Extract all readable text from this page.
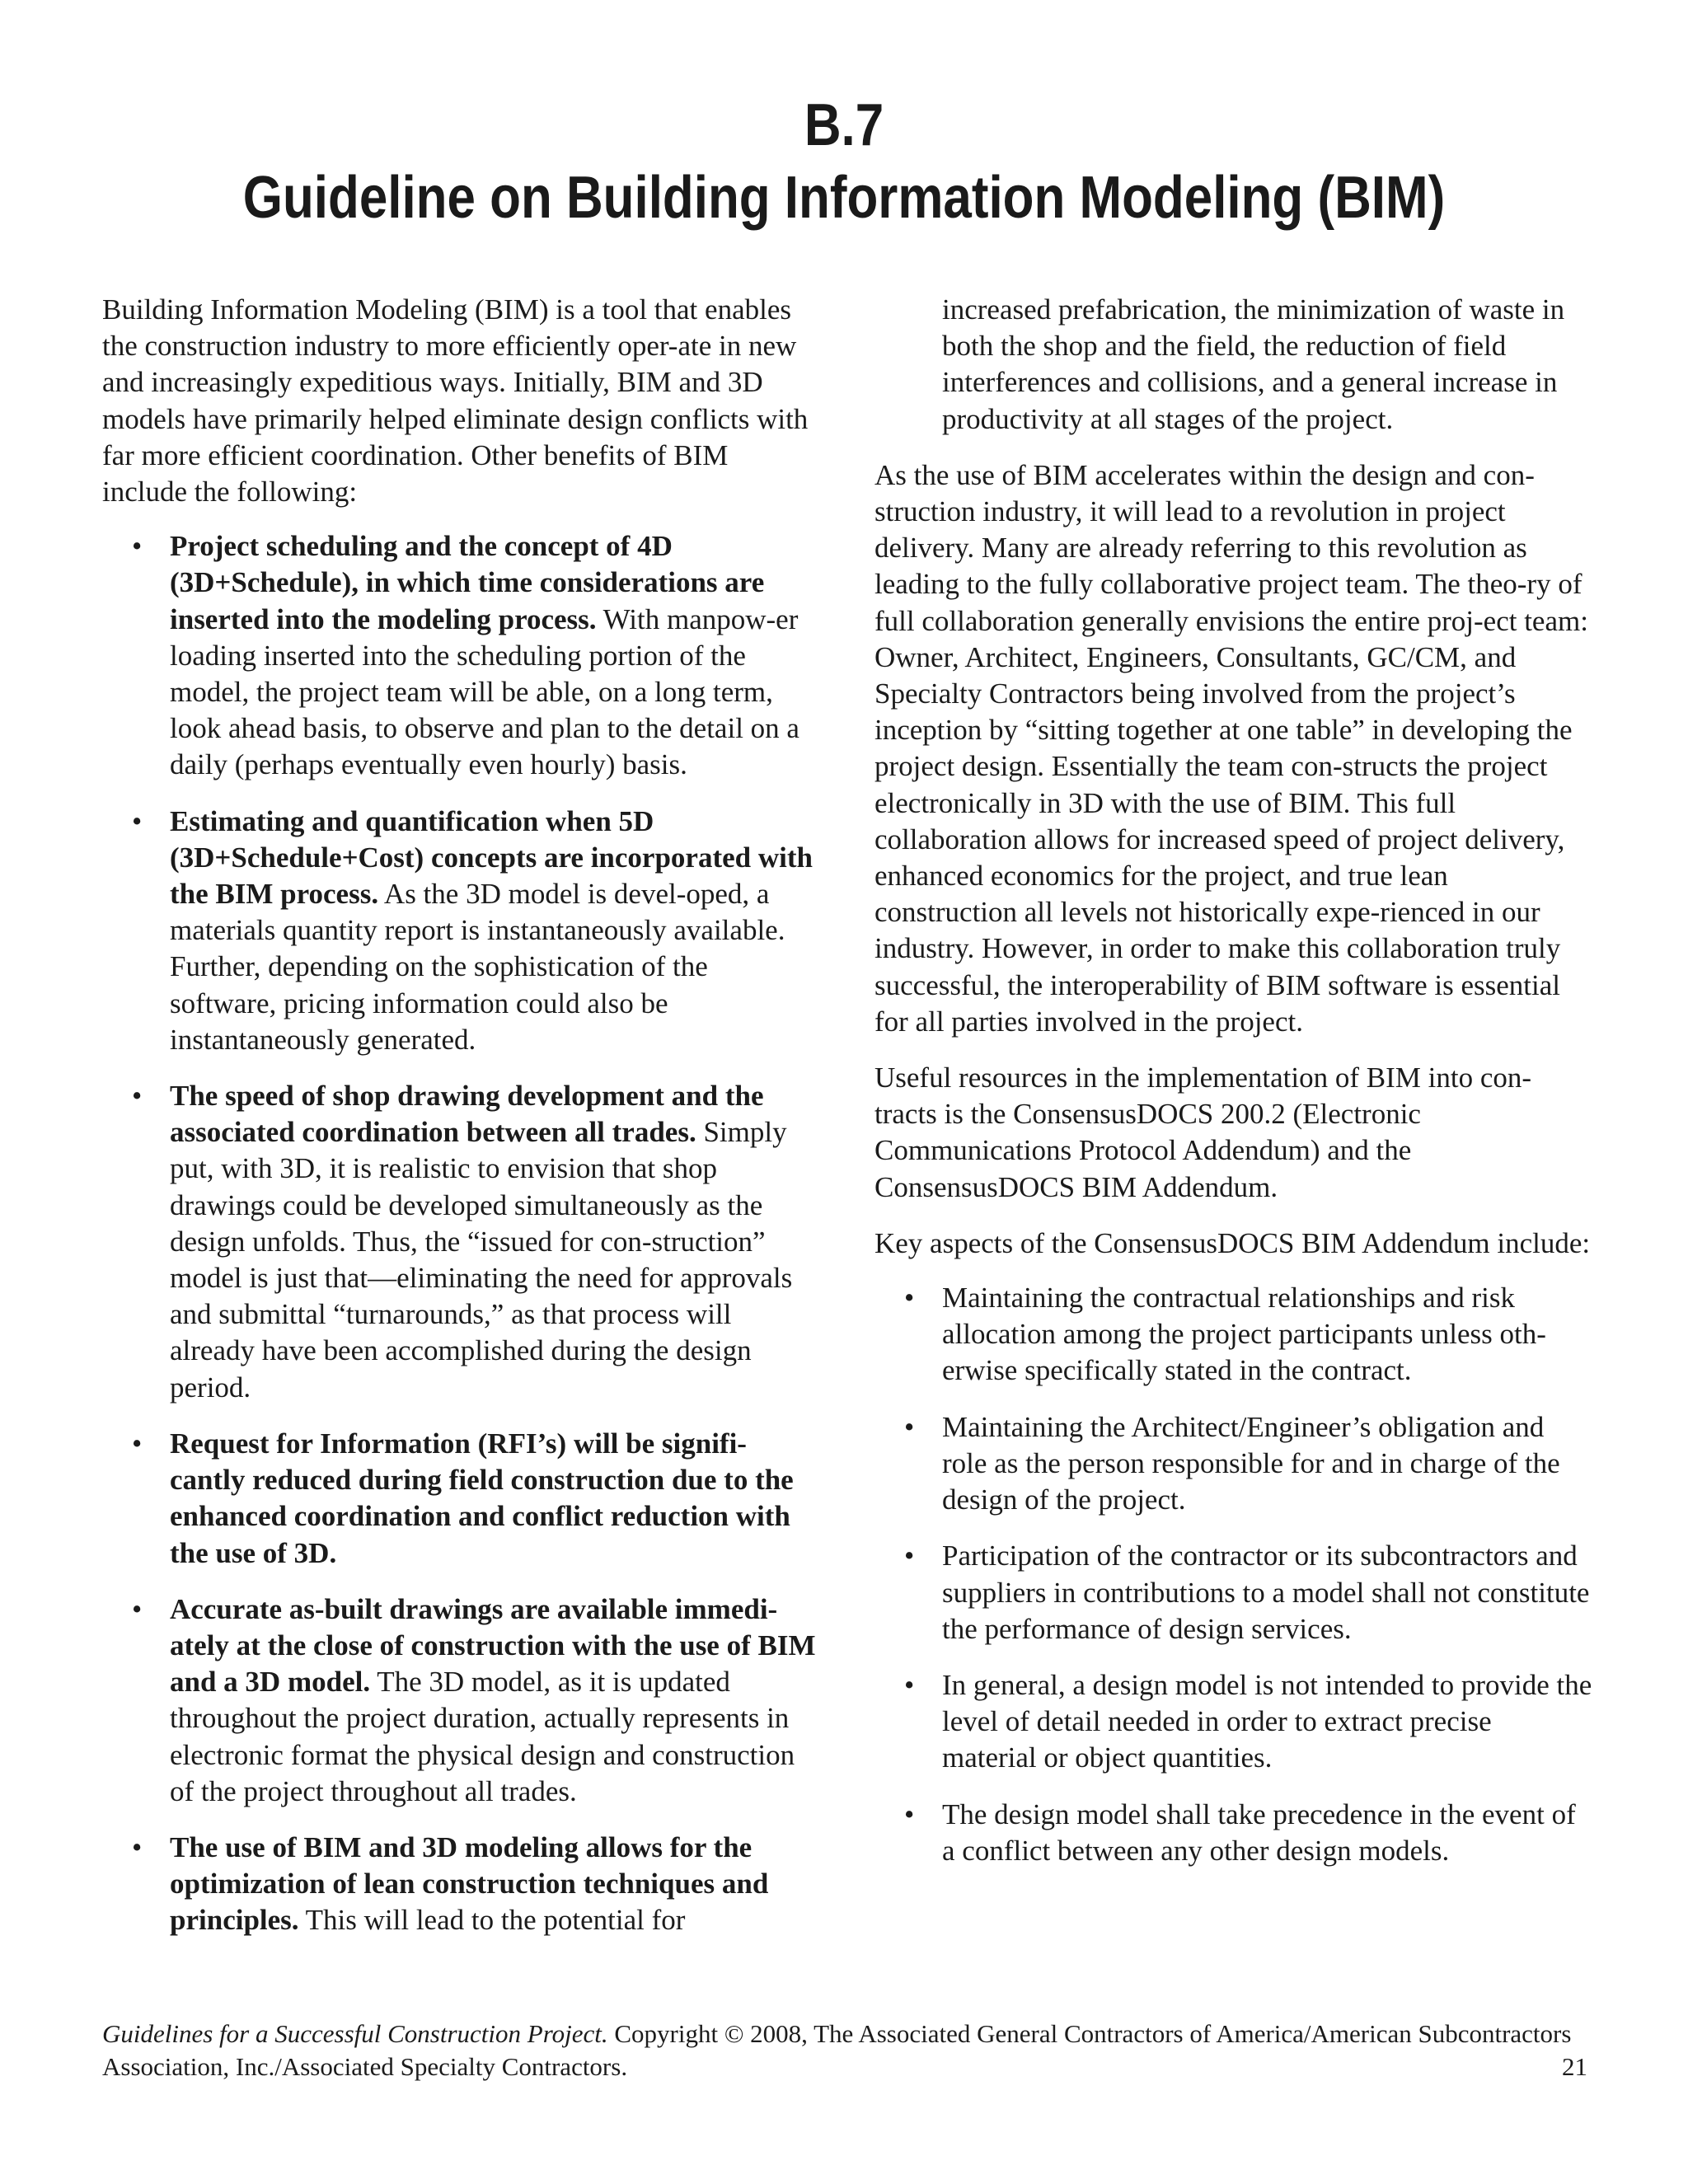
B.7
Guideline on Building Information Modeling (BIM)

Building Information Modeling (BIM) is a tool that enables the construction industry to more efficiently oper-ate in new and increasingly expeditious ways. Initially, BIM and 3D models have primarily helped eliminate design conflicts with far more efficient coordination. Other benefits of BIM include the following:

• Project scheduling and the concept of 4D (3D+Schedule), in which time considerations are inserted into the modeling process. With manpow-er loading inserted into the scheduling portion of the model, the project team will be able, on a long term, look ahead basis, to observe and plan to the detail on a daily (perhaps eventually even hourly) basis.
• Estimating and quantification when 5D (3D+Schedule+Cost) concepts are incorporated with the BIM process. As the 3D model is devel-oped, a materials quantity report is instantaneously available. Further, depending on the sophistication of the software, pricing information could also be instantaneously generated.
• The speed of shop drawing development and the associated coordination between all trades. Simply put, with 3D, it is realistic to envision that shop drawings could be developed simultaneously as the design unfolds. Thus, the “issued for con-struction” model is just that—eliminating the need for approvals and submittal “turnarounds,” as that process will already have been accomplished during the design period.
• Request for Information (RFI’s) will be signifi-cantly reduced during field construction due to the enhanced coordination and conflict reduction with the use of 3D.
• Accurate as-built drawings are available immedi-ately at the close of construction with the use of BIM and a 3D model. The 3D model, as it is updated throughout the project duration, actually represents in electronic format the physical design and construction of the project throughout all trades.
• The use of BIM and 3D modeling allows for the optimization of lean construction techniques and principles. This will lead to the potential for

increased prefabrication, the minimization of waste in both the shop and the field, the reduction of field interferences and collisions, and a general increase in productivity at all stages of the project.

As the use of BIM accelerates within the design and con-struction industry, it will lead to a revolution in project delivery. Many are already referring to this revolution as leading to the fully collaborative project team. The theo-ry of full collaboration generally envisions the entire proj-ect team: Owner, Architect, Engineers, Consultants, GC/CM, and Specialty Contractors being involved from the project’s inception by “sitting together at one table” in developing the project design. Essentially the team con-structs the project electronically in 3D with the use of BIM. This full collaboration allows for increased speed of project delivery, enhanced economics for the project, and true lean construction all levels not historically expe-rienced in our industry. However, in order to make this collaboration truly successful, the interoperability of BIM software is essential for all parties involved in the project.

Useful resources in the implementation of BIM into con-tracts is the ConsensusDOCS 200.2 (Electronic Communications Protocol Addendum) and the ConsensusDOCS BIM Addendum.

Key aspects of the ConsensusDOCS BIM Addendum include:

• Maintaining the contractual relationships and risk allocation among the project participants unless oth-erwise specifically stated in the contract.
• Maintaining the Architect/Engineer’s obligation and role as the person responsible for and in charge of the design of the project.
• Participation of the contractor or its subcontractors and suppliers in contributions to a model shall not constitute the performance of design services.
• In general, a design model is not intended to provide the level of detail needed in order to extract precise material or object quantities.
• The design model shall take precedence in the event of a conflict between any other design models.
Guidelines for a Successful Construction Project. Copyright © 2008, The Associated General Contractors of America/American Subcontractors Association, Inc./Associated Specialty Contractors.	21
